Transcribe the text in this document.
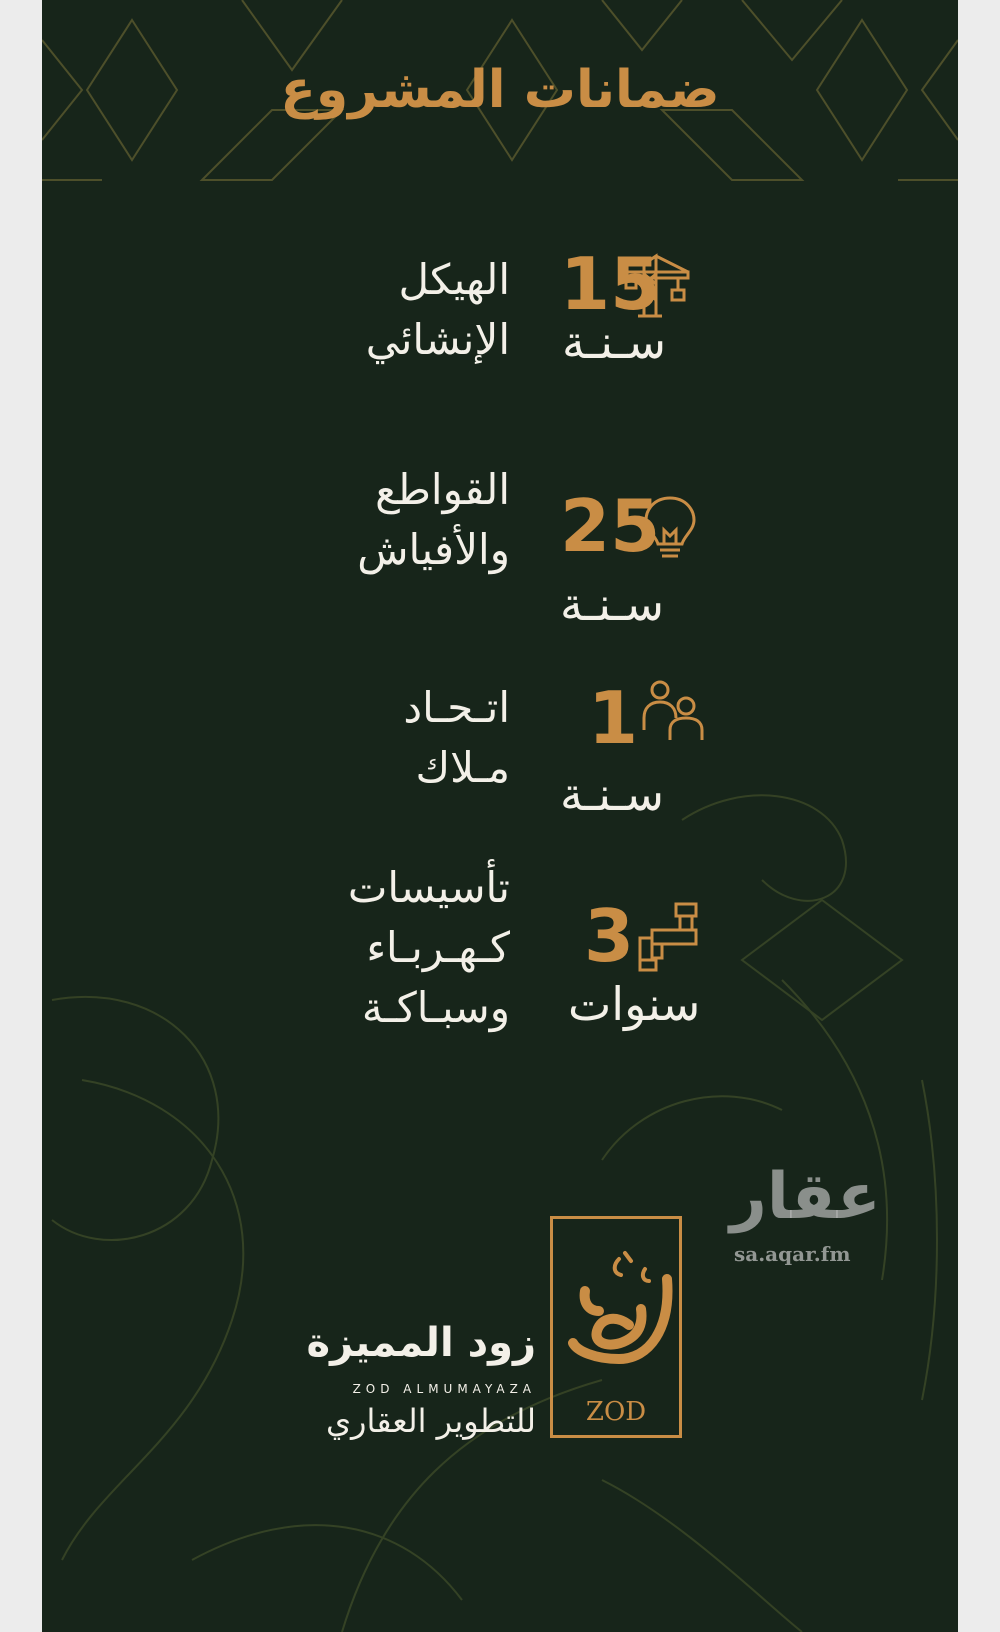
ضمانات المشروع
الهيكل
الإنشائي
15
سـنـة
القواطع
والأفياش 25
سـنـة
اتـحـاد
مـلاك
1
سـنـة
تأسيسات
كـهـربـاء
وسبـاكـة
3
سنوات
عقار
sa.aqar.fm
ZOD
زود المميزة
ZOD ALMUMAYAZA
للتطوير العقاري
